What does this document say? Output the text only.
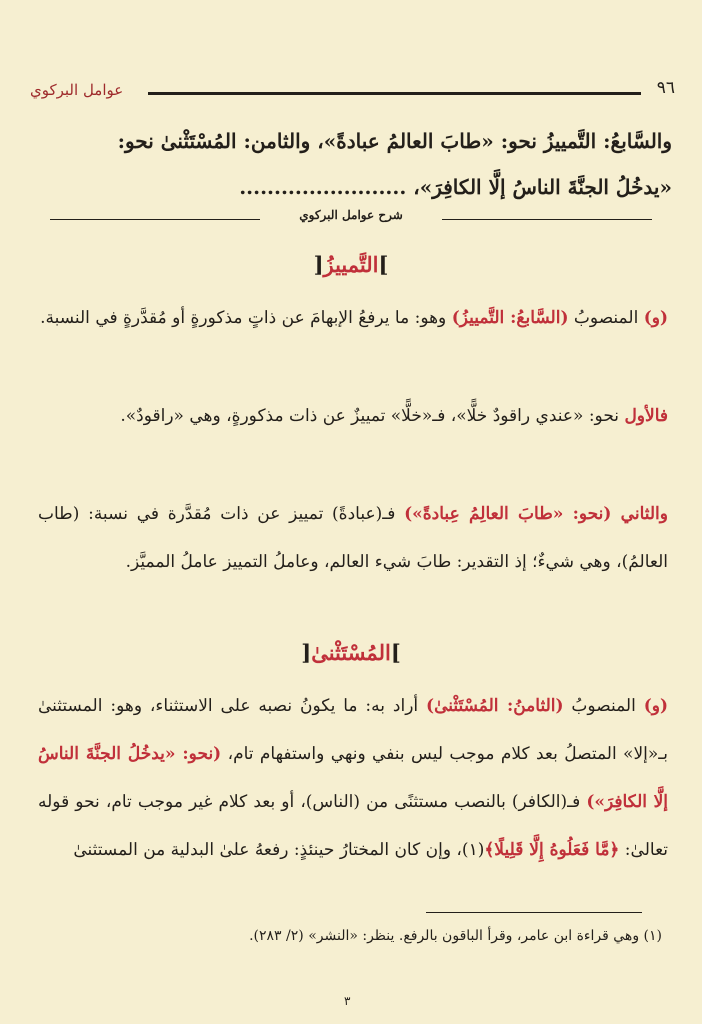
٩٦
عوامل البركوي
والسَّابعُ: التَّمييزُ نحو: «طابَ العالمُ عبادةً»، والثامن: المُسْتَثْنىٰ نحو:
«يدخُلُ الجنَّةَ الناسُ إلَّا الكافِرَ»، ........................
شرح عوامل البركوي
]التَّمييزُ[
(و) المنصوبُ (السَّابعُ: التَّمييزُ) وهو: ما يرفعُ الإبهامَ عن ذاتٍ مذكورةٍ أو مُقدَّرةٍ في النسبة.
فالأول نحو: «عندي راقودٌ خلًّا»، فـ«خلًّا» تمييزٌ عن ذات مذكورةٍ، وهي «راقودٌ».
والثاني (نحو: «طابَ العالِمُ عِبادةً») فـ(عبادةً) تمييز عن ذات مُقدَّرة في نسبة: (طاب العالمُ)، وهي شيءٌ؛ إذ التقدير: طابَ شيء العالم، وعاملُ التمييز عاملُ المميَّز.
]المُسْتَثْنىٰ[
(و) المنصوبُ (الثامنُ: المُسْتَثْنىٰ) أراد به: ما يكونُ نصبه على الاستثناء، وهو: المستثنىٰ بـ«إلا» المتصلُ بعد كلام موجب ليس بنفي ونهي واستفهام تام، (نحو: «يدخُلُ الجنَّةَ الناسُ إلَّا الكافِرَ») فـ(الكافر) بالنصب مستثنًى من (الناس)، أو بعد كلام غير موجب تام، نحو قوله تعالىٰ: ﴿مَّا فَعَلُوهُ إِلَّا قَلِيلًا﴾(١)، وإن كان المختارُ حينئذٍ: رفعهُ علىٰ البدلية من المستثنىٰ
(١) وهي قراءة ابن عامر، وقرأ الباقون بالرفع. ينظر: «النشر» (٢/ ٢٨٣).
٣
